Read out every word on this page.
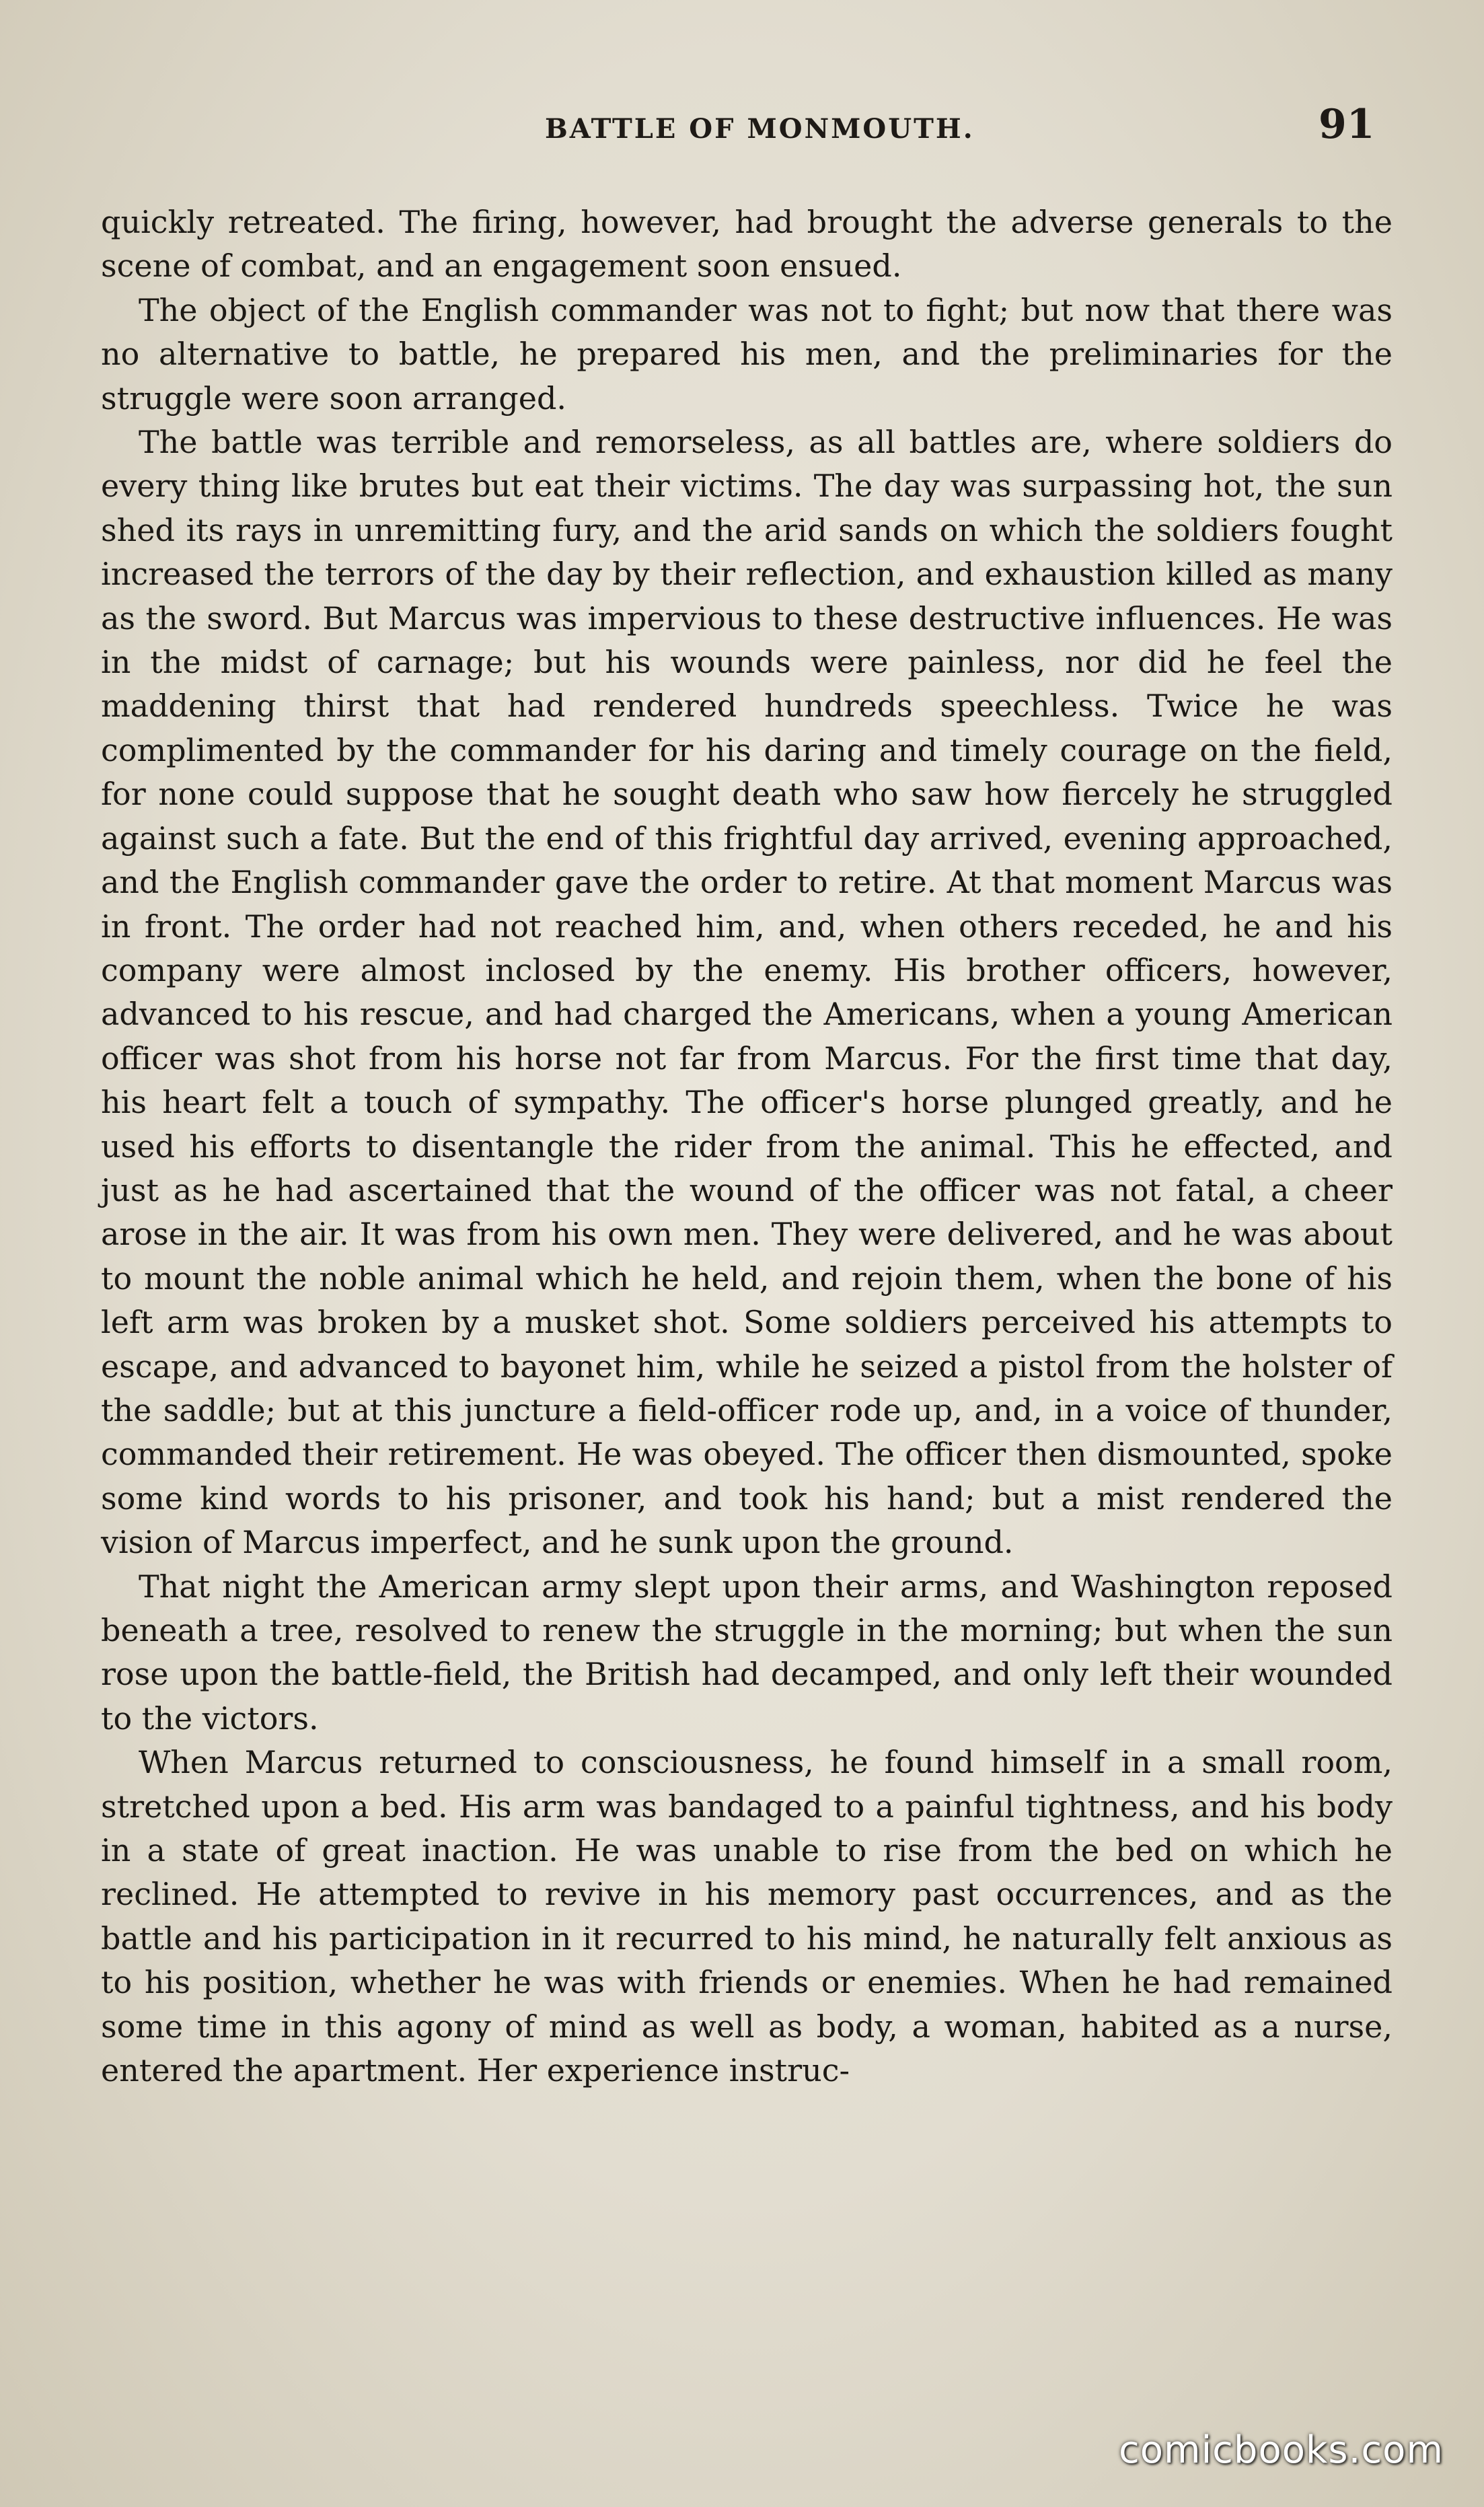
BATTLE OF MONMOUTH.	91

quickly retreated. The firing, however, had brought the adverse generals to the scene of combat, and an engagement soon ensued.

The object of the English commander was not to fight; but now that there was no alternative to battle, he prepared his men, and the preliminaries for the struggle were soon arranged.

The battle was terrible and remorseless, as all battles are, where soldiers do every thing like brutes but eat their victims. The day was surpassing hot, the sun shed its rays in unremitting fury, and the arid sands on which the soldiers fought increased the terrors of the day by their reflection, and exhaustion killed as many as the sword. But Marcus was impervious to these destructive influences. He was in the midst of carnage; but his wounds were painless, nor did he feel the maddening thirst that had rendered hundreds speechless. Twice he was complimented by the commander for his daring and timely courage on the field, for none could suppose that he sought death who saw how fiercely he struggled against such a fate. But the end of this frightful day arrived, evening approached, and the English commander gave the order to retire. At that moment Marcus was in front. The order had not reached him, and, when others receded, he and his company were almost inclosed by the enemy. His brother officers, however, advanced to his rescue, and had charged the Americans, when a young American officer was shot from his horse not far from Marcus. For the first time that day, his heart felt a touch of sympathy. The officer's horse plunged greatly, and he used his efforts to disentangle the rider from the animal. This he effected, and just as he had ascertained that the wound of the officer was not fatal, a cheer arose in the air. It was from his own men. They were delivered, and he was about to mount the noble animal which he held, and rejoin them, when the bone of his left arm was broken by a musket shot. Some soldiers perceived his attempts to escape, and advanced to bayonet him, while he seized a pistol from the holster of the saddle; but at this juncture a field-officer rode up, and, in a voice of thunder, commanded their retirement. He was obeyed. The officer then dismounted, spoke some kind words to his prisoner, and took his hand; but a mist rendered the vision of Marcus imperfect, and he sunk upon the ground.

That night the American army slept upon their arms, and Washington reposed beneath a tree, resolved to renew the struggle in the morning; but when the sun rose upon the battle-field, the British had decamped, and only left their wounded to the victors.

When Marcus returned to consciousness, he found himself in a small room, stretched upon a bed. His arm was bandaged to a painful tightness, and his body in a state of great inaction. He was unable to rise from the bed on which he reclined. He attempted to revive in his memory past occurrences, and as the battle and his participation in it recurred to his mind, he naturally felt anxious as to his position, whether he was with friends or enemies. When he had remained some time in this agony of mind as well as body, a woman, habited as a nurse, entered the apartment. Her experience instruc-

comicbooks.com
